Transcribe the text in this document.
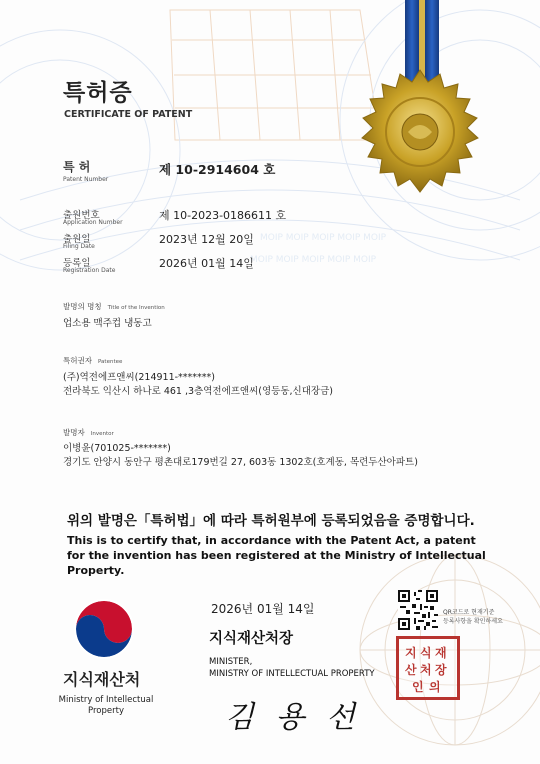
MOIP MOIP MOIP MOIP MOIP
MOIP MOIP MOIP MOIP MOIP
특허증
CERTIFICATE OF PATENT
특 허
Patent Number
제 10-2914604 호
출원번호
Application Number
제 10-2023-0186611 호
출원일
Filing Date
2023년 12월 20일
등록일
Registration Date
2026년 01월 14일
발명의 명칭 Title of the Invention
업소용 맥주컵 냉동고
특허권자 Patentee
(주)역전에프앤씨(214911-*******)
전라북도 익산시 하나로 461 ,3층역전에프앤씨(영등동,신대장금)
발명자 Inventor
이병윤(701025-*******)
경기도 안양시 동안구 평촌대로179번길 27, 603동 1302호(호계동, 목련두산아파트)
위의 발명은「특허법」에 따라 특허원부에 등록되었음을 증명합니다.
This is to certify that, in accordance with the Patent Act, a patent for the invention has been registered at the Ministry of Intellectual Property.
2026년 01월 14일
지식재산처장
MINISTER,
MINISTRY OF INTELLECTUAL PROPERTY
지식재산처
Ministry of Intellectual Property
QR코드로 현재기준
등록사항을 확인하세요
지 식 재
산 처 장
인 의
김 용 선
